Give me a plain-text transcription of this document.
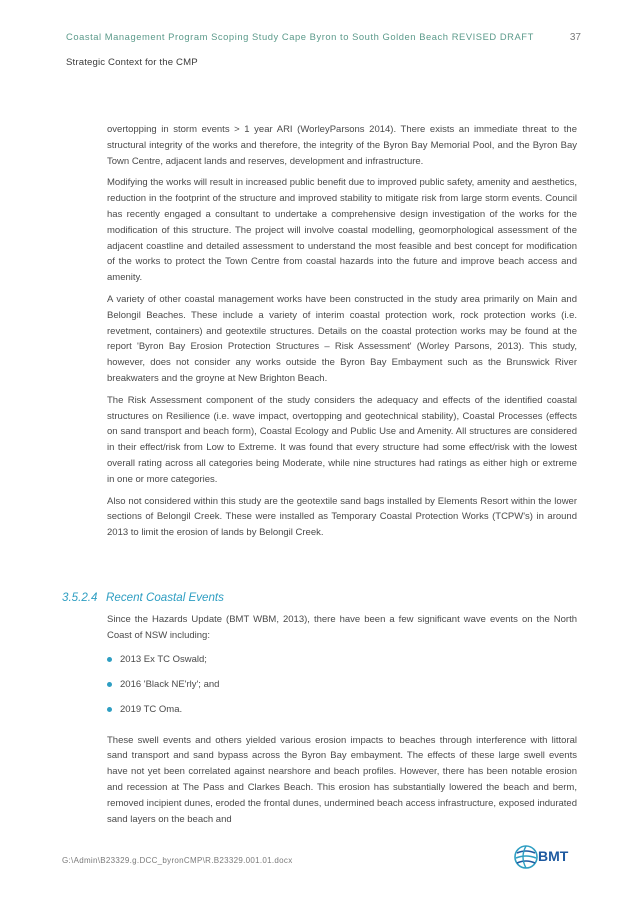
Coastal Management Program Scoping Study Cape Byron to South Golden Beach REVISED DRAFT	37
Strategic Context for the CMP

overtopping in storm events > 1 year ARI (WorleyParsons 2014). There exists an immediate threat to the structural integrity of the works and therefore, the integrity of the Byron Bay Memorial Pool, and the Byron Bay Town Centre, adjacent lands and reserves, development and infrastructure.

Modifying the works will result in increased public benefit due to improved public safety, amenity and aesthetics, reduction in the footprint of the structure and improved stability to mitigate risk from large storm events. Council has recently engaged a consultant to undertake a comprehensive design investigation of the works for the modification of this structure. The project will involve coastal modelling, geomorphological assessment of the adjacent coastline and detailed assessment to understand the most feasible and best concept for modification of the works to protect the Town Centre from coastal hazards into the future and improve beach access and amenity.

A variety of other coastal management works have been constructed in the study area primarily on Main and Belongil Beaches. These include a variety of interim coastal protection work, rock protection works (i.e. revetment, containers) and geotextile structures. Details on the coastal protection works may be found at the report 'Byron Bay Erosion Protection Structures – Risk Assessment' (Worley Parsons, 2013). This study, however, does not consider any works outside the Byron Bay Embayment such as the Brunswick River breakwaters and the groyne at New Brighton Beach.

The Risk Assessment component of the study considers the adequacy and effects of the identified coastal structures on Resilience (i.e. wave impact, overtopping and geotechnical stability), Coastal Processes (effects on sand transport and beach form), Coastal Ecology and Public Use and Amenity. All structures are considered in their effect/risk from Low to Extreme. It was found that every structure had some effect/risk with the lowest overall rating across all categories being Moderate, while nine structures had ratings as either high or extreme in one or more categories.

Also not considered within this study are the geotextile sand bags installed by Elements Resort within the lower sections of Belongil Creek. These were installed as Temporary Coastal Protection Works (TCPW's) in around 2013 to limit the erosion of lands by Belongil Creek.

3.5.2.4 Recent Coastal Events

Since the Hazards Update (BMT WBM, 2013), there have been a few significant wave events on the North Coast of NSW including:

2013 Ex TC Oswald;
2016 'Black NE'rly'; and
2019 TC Oma.

These swell events and others yielded various erosion impacts to beaches through interference with littoral sand transport and sand bypass across the Byron Bay embayment. The effects of these large swell events have not yet been correlated against nearshore and beach profiles. However, there has been notable erosion and recession at The Pass and Clarkes Beach. This erosion has substantially lowered the beach and berm, removed incipient dunes, eroded the frontal dunes, undermined beach access infrastructure, exposed indurated sand layers on the beach and

G:\Admin\B23329.g.DCC_byronCMP\R.B23329.001.01.docx	BMT
